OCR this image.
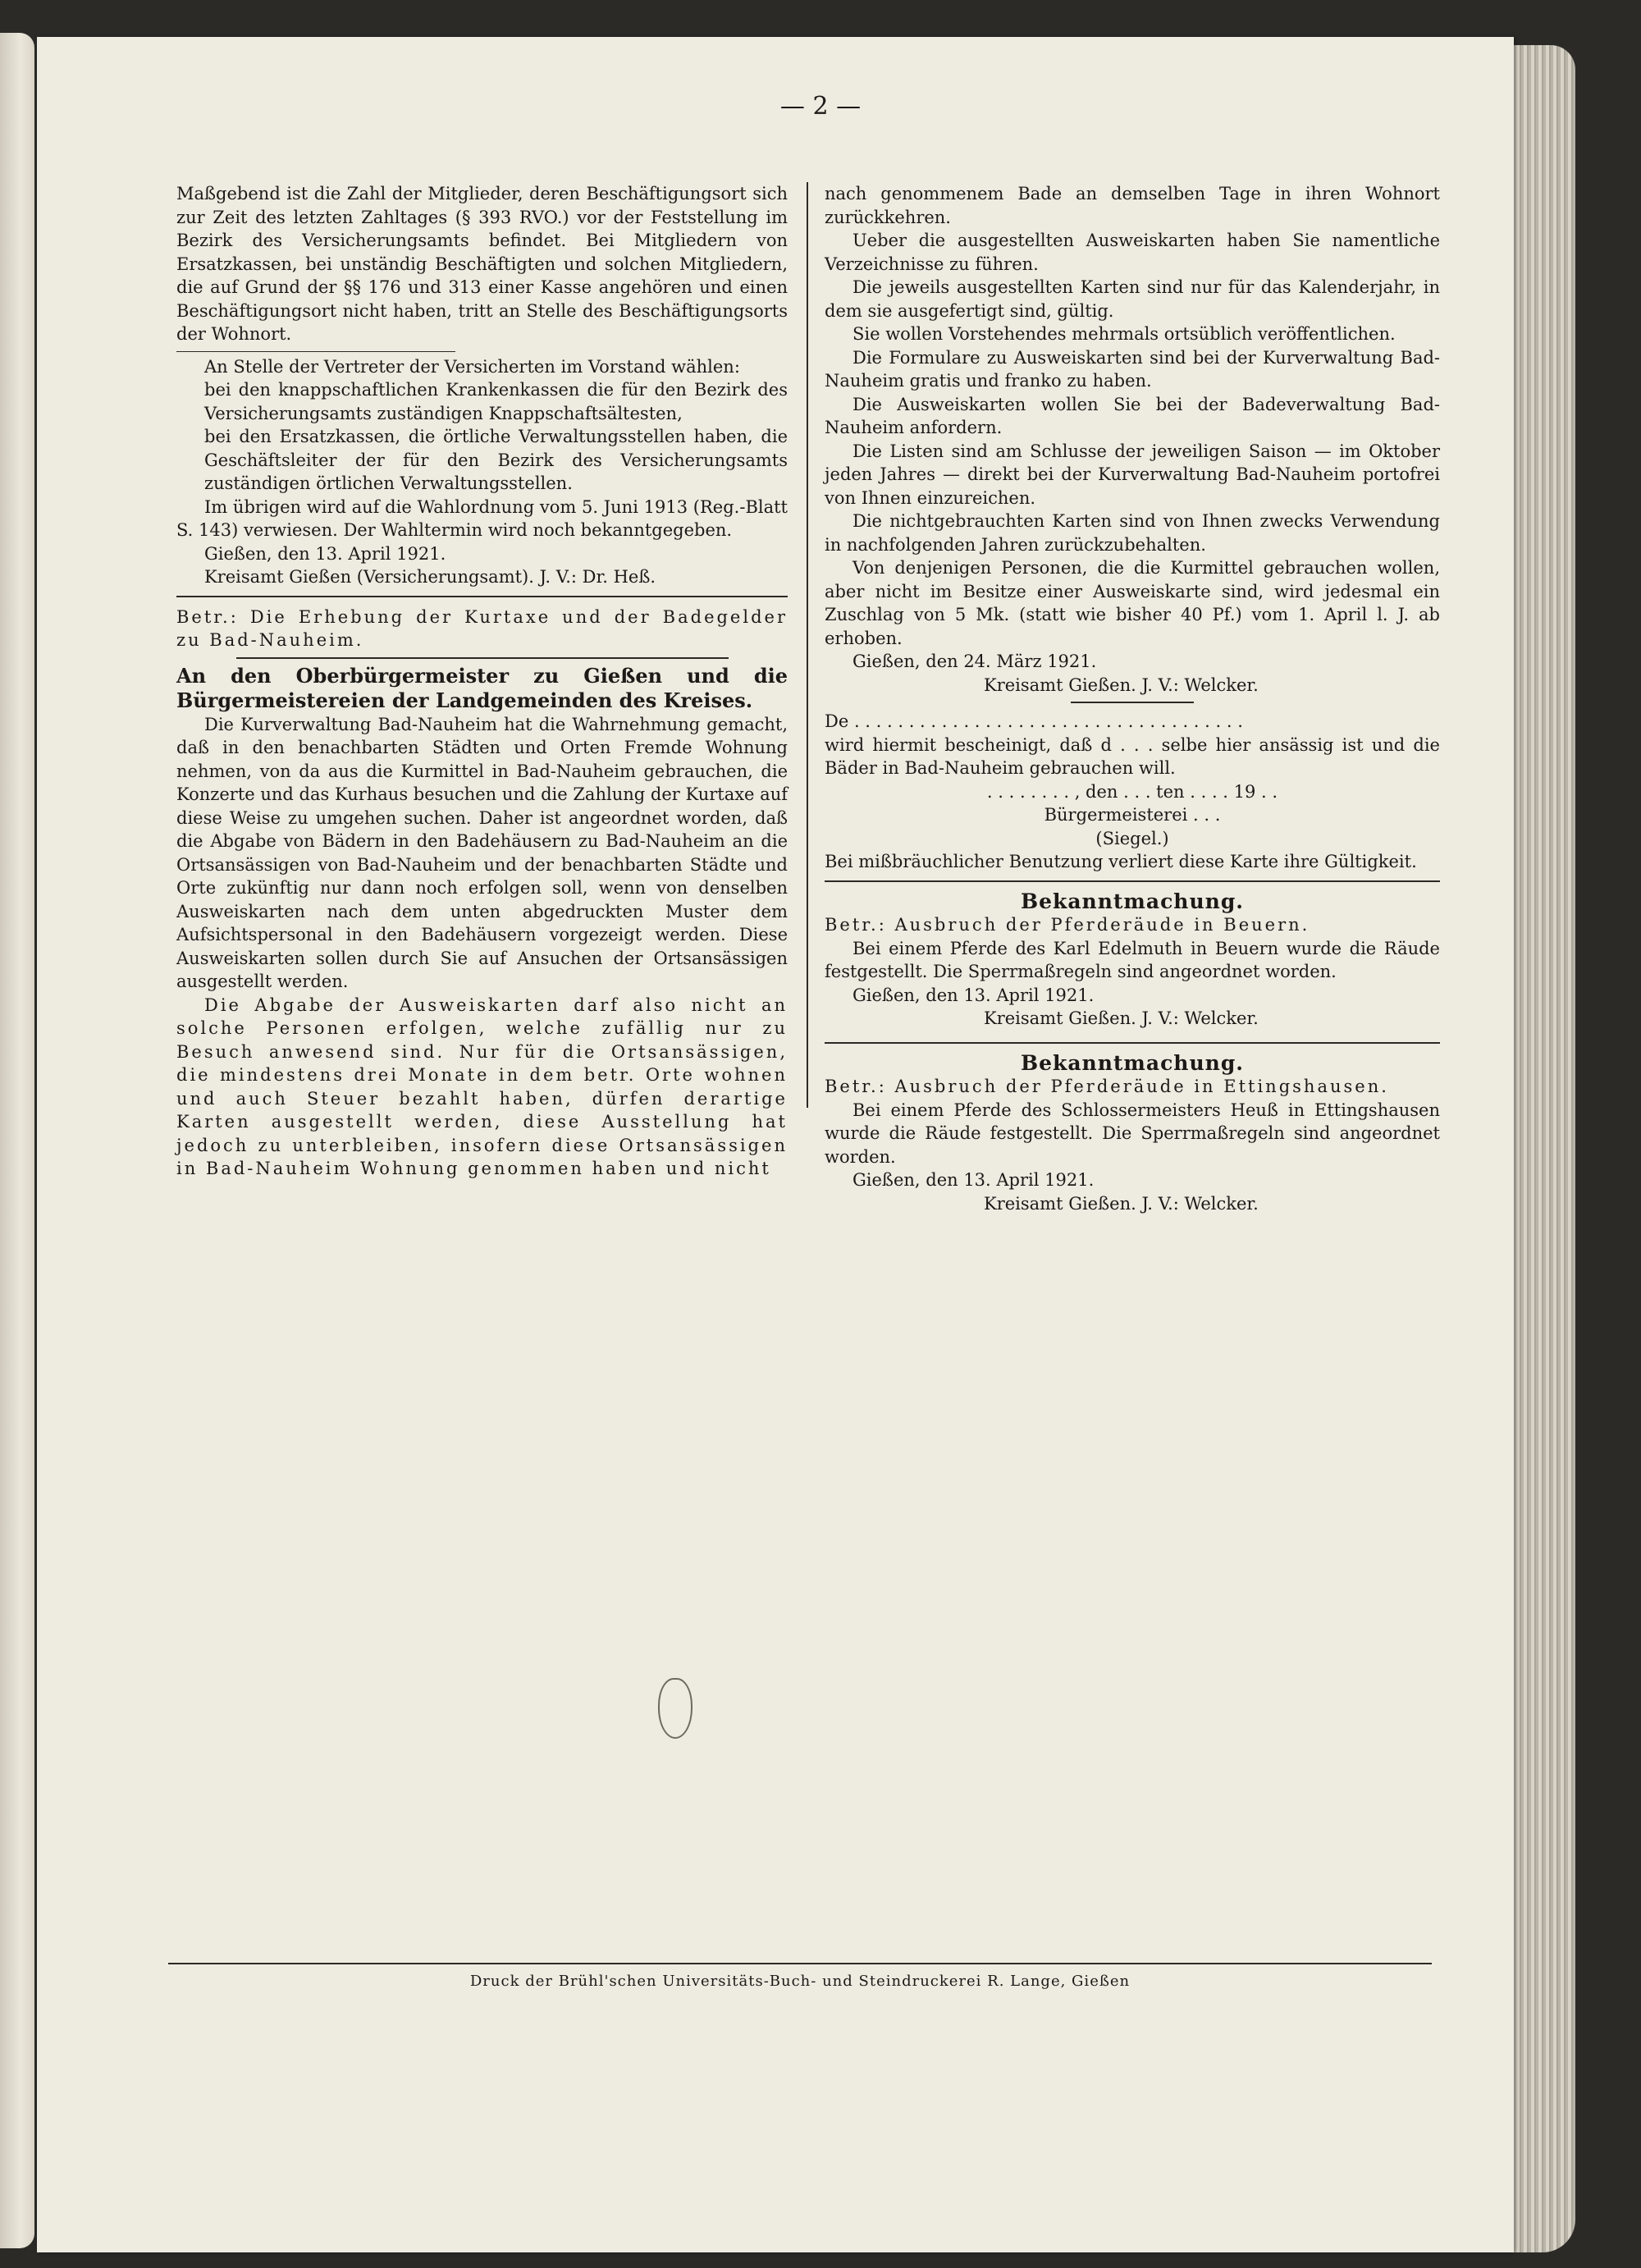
— 2 —

Maßgebend ist die Zahl der Mitglieder, deren Beschäftigungsort sich zur Zeit des letzten Zahltages (§ 393 RVO.) vor der Feststellung im Bezirk des Versicherungsamts befindet. Bei Mitgliedern von Ersatzkassen, bei unständig Beschäftigten und solchen Mitgliedern, die auf Grund der §§ 176 und 313 einer Kasse angehören und einen Beschäftigungsort nicht haben, tritt an Stelle des Beschäftigungsorts der Wohnort.

An Stelle der Vertreter der Versicherten im Vorstand wählen:

bei den knappschaftlichen Krankenkassen die für den Bezirk des Versicherungsamts zuständigen Knappschaftsältesten,

bei den Ersatzkassen, die örtliche Verwaltungsstellen haben, die Geschäftsleiter der für den Bezirk des Versicherungsamts zuständigen örtlichen Verwaltungsstellen.

Im übrigen wird auf die Wahlordnung vom 5. Juni 1913 (Reg.-Blatt S. 143) verwiesen. Der Wahltermin wird noch bekanntgegeben.

Gießen, den 13. April 1921.

Kreisamt Gießen (Versicherungsamt). J. V.: Dr. Heß.

Betr.: Die Erhebung der Kurtaxe und der Badegelder zu Bad-Nauheim.

An den Oberbürgermeister zu Gießen und die Bürgermeistereien der Landgemeinden des Kreises.

Die Kurverwaltung Bad-Nauheim hat die Wahrnehmung gemacht, daß in den benachbarten Städten und Orten Fremde Wohnung nehmen, von da aus die Kurmittel in Bad-Nauheim gebrauchen, die Konzerte und das Kurhaus besuchen und die Zahlung der Kurtaxe auf diese Weise zu umgehen suchen. Daher ist angeordnet worden, daß die Abgabe von Bädern in den Badehäusern zu Bad-Nauheim an die Ortsansässigen von Bad-Nauheim und der benachbarten Städte und Orte zukünftig nur dann noch erfolgen soll, wenn von denselben Ausweiskarten nach dem unten abgedruckten Muster dem Aufsichtspersonal in den Badehäusern vorgezeigt werden. Diese Ausweiskarten sollen durch Sie auf Ansuchen der Ortsansässigen ausgestellt werden.

Die Abgabe der Ausweiskarten darf also nicht an solche Personen erfolgen, welche zufällig nur zu Besuch anwesend sind. Nur für die Ortsansässigen, die mindestens drei Monate in dem betr. Orte wohnen und auch Steuer bezahlt haben, dürfen derartige Karten ausgestellt werden, diese Ausstellung hat jedoch zu unterbleiben, insofern diese Ortsansässigen in Bad-Nauheim Wohnung genommen haben und nicht

nach genommenem Bade an demselben Tage in ihren Wohnort zurückkehren.

Ueber die ausgestellten Ausweiskarten haben Sie namentliche Verzeichnisse zu führen.

Die jeweils ausgestellten Karten sind nur für das Kalenderjahr, in dem sie ausgefertigt sind, gültig.

Sie wollen Vorstehendes mehrmals ortsüblich veröffentlichen.

Die Formulare zu Ausweiskarten sind bei der Kurverwaltung Bad-Nauheim gratis und franko zu haben.

Die Ausweiskarten wollen Sie bei der Badeverwaltung Bad-Nauheim anfordern.

Die Listen sind am Schlusse der jeweiligen Saison — im Oktober jeden Jahres — direkt bei der Kurverwaltung Bad-Nauheim portofrei von Ihnen einzureichen.

Die nichtgebrauchten Karten sind von Ihnen zwecks Verwendung in nachfolgenden Jahren zurückzubehalten.

Von denjenigen Personen, die die Kurmittel gebrauchen wollen, aber nicht im Besitze einer Ausweiskarte sind, wird jedesmal ein Zuschlag von 5 Mk. (statt wie bisher 40 Pf.) vom 1. April l. J. ab erhoben.

Gießen, den 24. März 1921.

Kreisamt Gießen. J. V.: Welcker.

De . . . . . . . . . . . . . . . . . . . . . . . . . . . . . . . . . . . .

wird hiermit bescheinigt, daß d . . . selbe hier ansässig ist und die Bäder in Bad-Nauheim gebrauchen will.

. . . . . . . . , den . . . ten . . . . 19 . .

Bürgermeisterei . . .

(Siegel.)

Bei mißbräuchlicher Benutzung verliert diese Karte ihre Gültigkeit.

Bekanntmachung.

Betr.: Ausbruch der Pferderäude in Beuern.

Bei einem Pferde des Karl Edelmuth in Beuern wurde die Räude festgestellt. Die Sperrmaßregeln sind angeordnet worden.

Gießen, den 13. April 1921.

Kreisamt Gießen. J. V.: Welcker.

Bekanntmachung.

Betr.: Ausbruch der Pferderäude in Ettingshausen.

Bei einem Pferde des Schlossermeisters Heuß in Ettingshausen wurde die Räude festgestellt. Die Sperrmaßregeln sind angeordnet worden.

Gießen, den 13. April 1921.

Kreisamt Gießen. J. V.: Welcker.

Druck der Brühl'schen Universitäts-Buch- und Steindruckerei R. Lange, Gießen
